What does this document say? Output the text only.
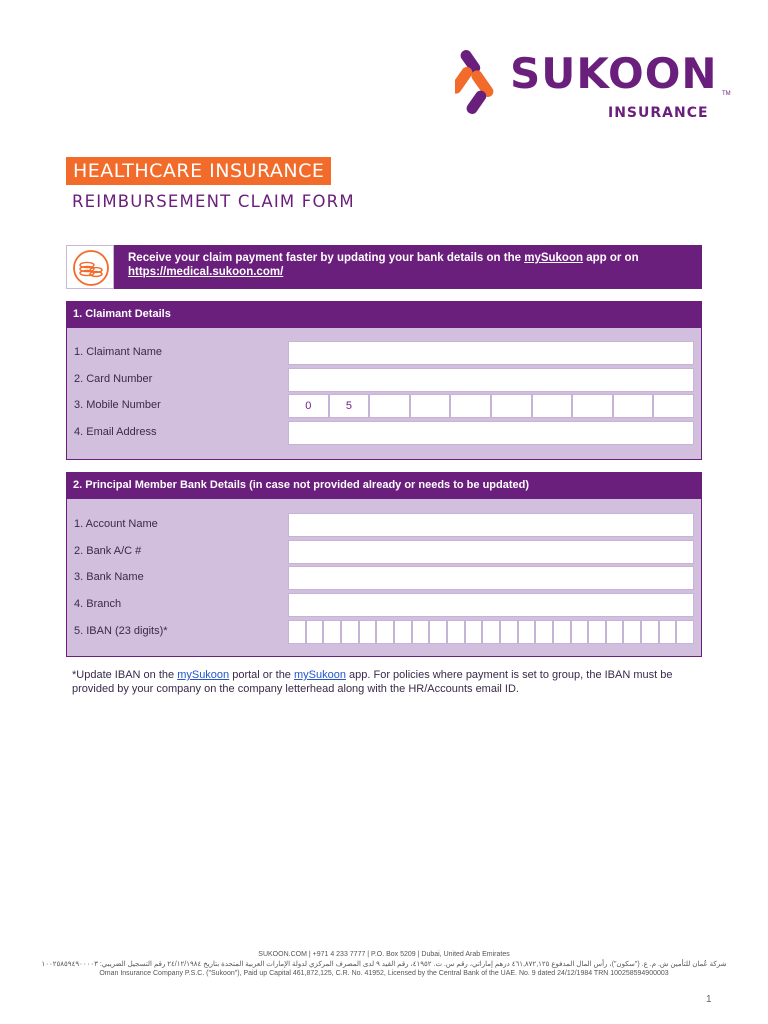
SUKOON TM
INSURANCE
HEALTHCARE INSURANCE
REIMBURSEMENT CLAIM FORM
Receive your claim payment faster by updating your bank details on the mySukoon app or on
https://medical.sukoon.com/
1. Claimant Details
1. Claimant Name
2. Card Number
3. Mobile Number	0	5
4. Email Address
2. Principal Member Bank Details (in case not provided already or needs to be updated)
1. Account Name
2. Bank A/C #
3. Bank Name
4. Branch
5. IBAN (23 digits)*
*Update IBAN on the mySukoon portal or the mySukoon app. For policies where payment is set to group, the IBAN must be provided by your company on the company letterhead along with the HR/Accounts email ID.
SUKOON.COM | +971 4 233 7777 | P.O. Box 5209 | Dubai, United Arab Emirates
شركة عُمان للتأمين ش. م. ع. ("سكون")، رأس المال المدفوع ٤٦١,٨٧٢,١٢٥ درهم إماراتي، رقم س. ت. ٤١٩٥٢، رقم القيد ٩ لدى المصرف المركزي لدولة الإمارات العربية المتحدة بتاريخ ٢٤/١٢/١٩٨٤ رقم التسجيل الضريبي: ١٠٠٢٥٨٥٩٤٩٠٠٠٠٣
Oman Insurance Company P.S.C. ("Sukoon"), Paid up Capital 461,872,125, C.R. No. 41952, Licensed by the Central Bank of the UAE. No. 9 dated 24/12/1984 TRN 100258594900003
1
